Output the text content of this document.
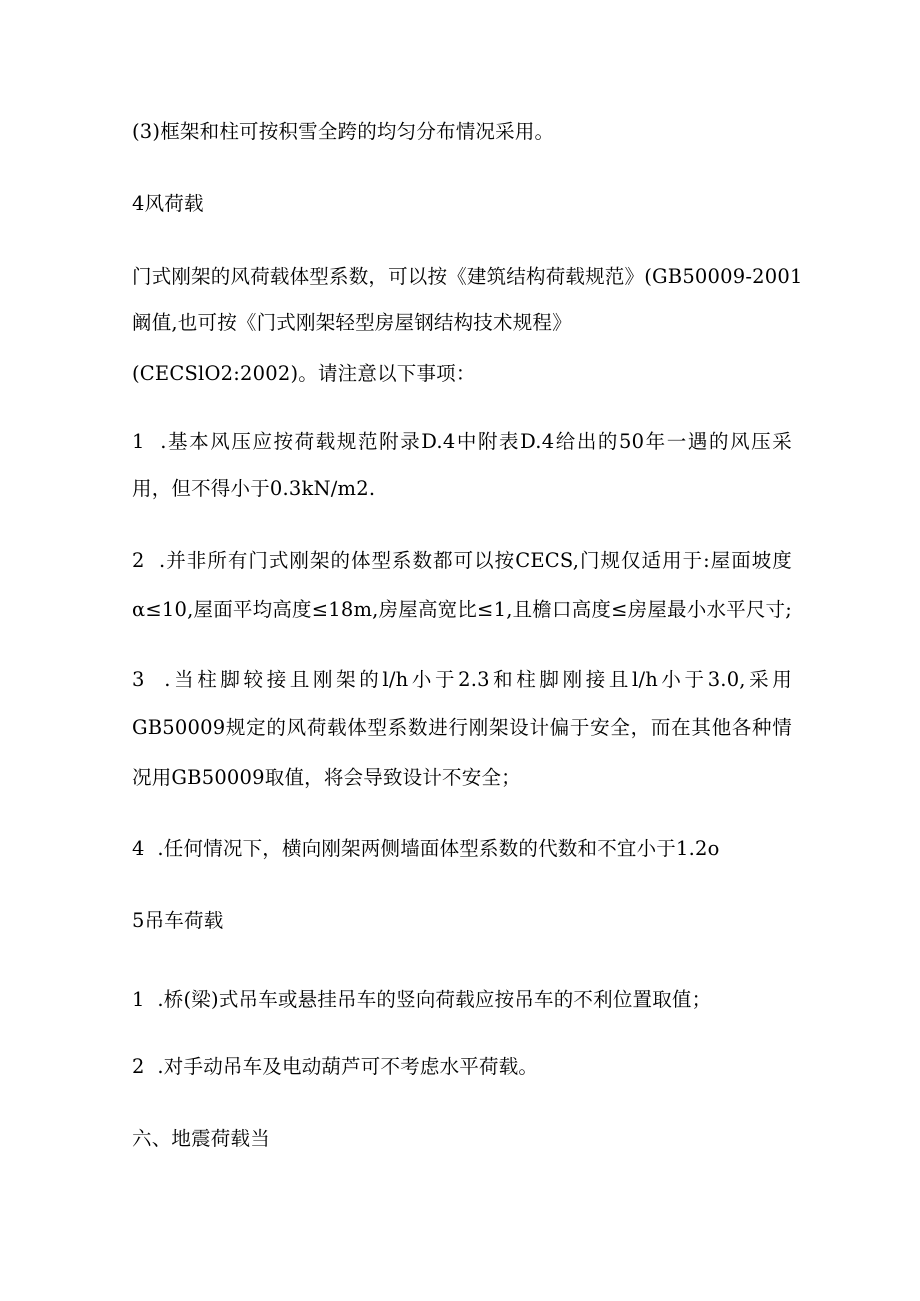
(3)框架和柱可按积雪全跨的均匀分布情况采用。
4风荷载
门式刚架的风荷载体型系数，可以按《建筑结构荷载规范》(GB50009-2001
阚值,也可按《门式刚架轻型房屋钢结构技术规程》
(CECSlO2:2002)。请注意以下事项：
1  .基本风压应按荷载规范附录D.4中附表D.4给出的50年一遇的风压采
用，但不得小于0.3kN∕m2.
2  .并非所有门式刚架的体型系数都可以按CECS,门规仅适用于:屋面坡度
α≤10,屋面平均高度≤18m,房屋高宽比≤1,且檐口高度≤房屋最小水平尺寸;
3  .当柱脚较接且刚架的l/h小于2.3和柱脚刚接且l/h小于3.0,采用
GB50009规定的风荷载体型系数进行刚架设计偏于安全，而在其他各种情
况用GB50009取值，将会导致设计不安全；
4  .任何情况下，横向刚架两侧墙面体型系数的代数和不宜小于1.2o
5吊车荷载
1  .桥(梁)式吊车或悬挂吊车的竖向荷载应按吊车的不利位置取值；
2  .对手动吊车及电动葫芦可不考虑水平荷载。
六、地震荷载当
